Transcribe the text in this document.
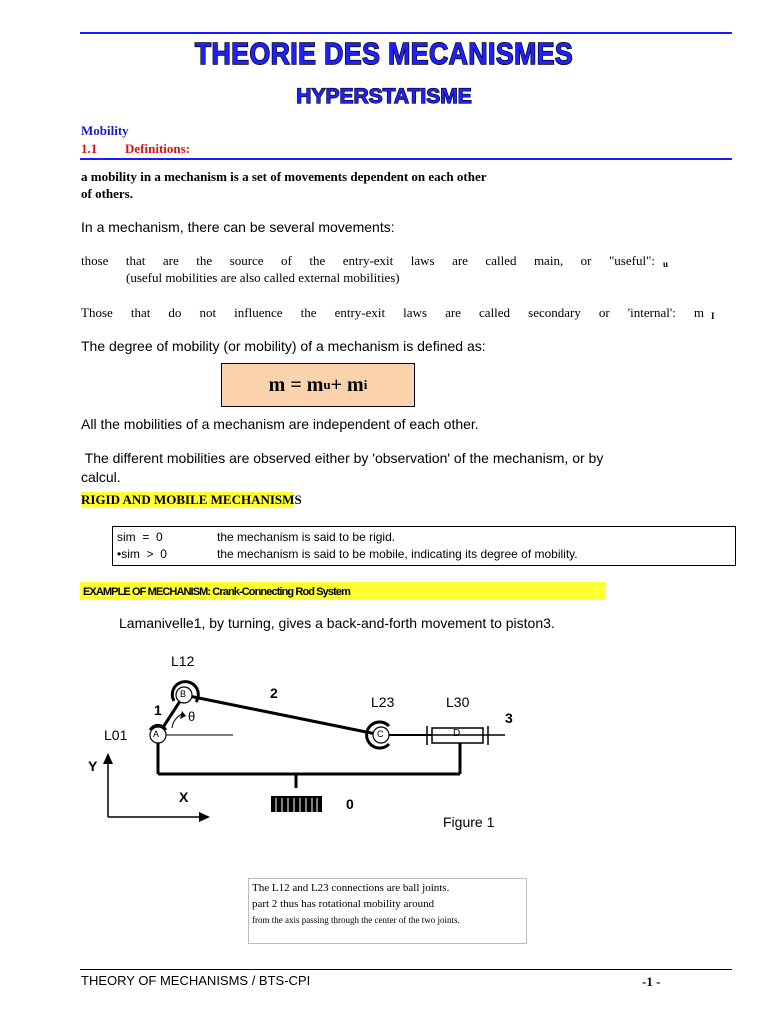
THEORIE DES MECANISMES
HYPERSTATISME
Mobility
1.1 Definitions:
a mobility in a mechanism is a set of movements dependent on each other
of others.
In a mechanism, there can be several movements:
those that are the source of the entry-exit laws are called main, or "useful": u
(useful mobilities are also called external mobilities)
Those that do not influence the entry-exit laws are called secondary or 'internal': m I
The degree of mobility (or mobility) of a mechanism is defined as:
m = m u + m i
All the mobilities of a mechanism are independent of each other.
The different mobilities are observed either by 'observation' of the mechanism, or by
calcul.
RIGID AND MOBILE MECHANISMS
sim  =  0	the mechanism is said to be rigid.
•sim  >  0	the mechanism is said to be mobile, indicating its degree of mobility.
EXAMPLE OF MECHANISM: Crank-Connecting Rod System
Lamanivelle1, by turning, gives a back-and-forth movement to piston3.
L12
1
2
θ
L01
L23	L30
3
A
B
C	D
Y
X	0
Figure 1
The L12 and L23 connections are ball joints.
part 2 thus has rotational mobility around
from the axis passing through the center of the two joints.
THEORY OF MECHANISMS / BTS-CPI	-1 -
